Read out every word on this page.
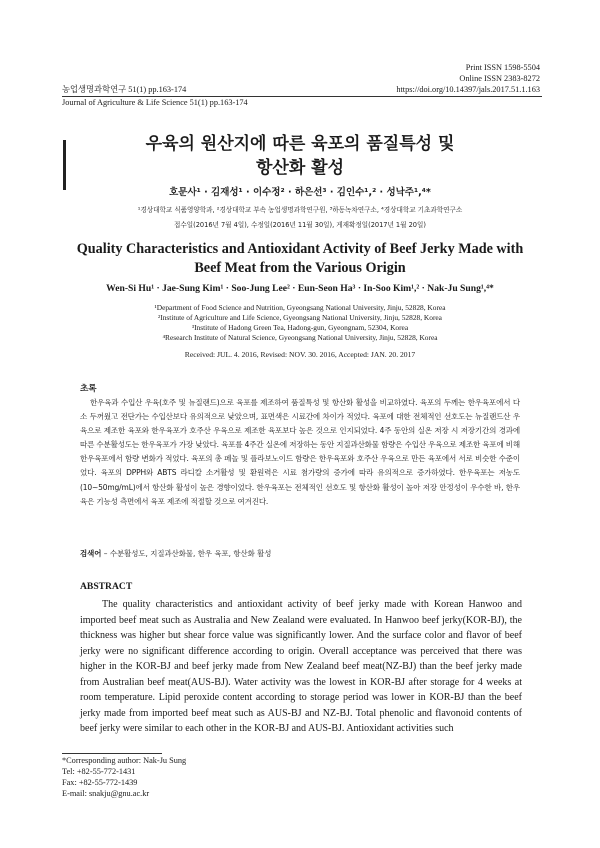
Print ISSN 1598-5504
Online ISSN 2383-8272
https://doi.org/10.14397/jals.2017.51.1.163
농업생명과학연구 51(1) pp.163-174
Journal of Agriculture & Life Science 51(1) pp.163-174
우육의 원산지에 따른 육포의 품질특성 및
항산화 활성
호문사¹ · 김재성¹ · 이수정² · 하은선³ · 김인수¹,² · 성낙주¹,⁴*
¹경상대학교 식품영양학과, ²경상대학교 부속 농업생명과학연구원, ³하동녹차연구소, ⁴경상대학교 기초과학연구소
접수일(2016년 7월 4일), 수정일(2016년 11월 30일), 게재확정일(2017년 1월 20일)
Quality Characteristics and Antioxidant Activity of Beef Jerky Made with
Beef Meat from the Various Origin
Wen-Si Hu¹ · Jae-Sung Kim¹ · Soo-Jung Lee² · Eun-Seon Ha³ · In-Soo Kim¹,² · Nak-Ju Sung¹,⁴*
¹Department of Food Science and Nutrition, Gyeongsang National University, Jinju, 52828, Korea
²Institute of Agriculture and Life Science, Gyeongsang National University, Jinju, 52828, Korea
³Institute of Hadong Green Tea, Hadong-gun, Gyeongnam, 52304, Korea
⁴Research Institute of Natural Science, Gyeongsang National University, Jinju, 52828, Korea
Received: JUL. 4. 2016, Revised: NOV. 30. 2016, Accepted: JAN. 20. 2017
초록
한우육과 수입산 우육(호주 및 뉴질랜드)으로 육포를 제조하여 품질특성 및 항산화 활성을 비교하였다. 육포의 두께는 한우육포에서 다소 두꺼웠고 전단가는 수입산보다 유의적으로 낮았으며, 표면색은 시료간에 차이가 적었다. 육포에 대한 전체적인 선호도는 뉴질랜드산 우육으로 제조한 육포와 한우육포가 호주산 우육으로 제조한 육포보다 높은 것으로 인지되었다. 4주 동안의 실온 저장 시 저장기간의 경과에 따른 수분활성도는 한우육포가 가장 낮았다. 육포를 4주간 실온에 저장하는 동안 지질과산화물 함량은 수입산 우육으로 제조한 육포에 비해 한우육포에서 함량 변화가 적었다. 육포의 총 페놀 및 플라보노이드 함량은 한우육포와 호주산 우육으로 만든 육포에서 서로 비슷한 수준이었다. 육포의 DPPH와 ABTS 라디칼 소거활성 및 환원력은 시료 첨가량의 증가에 따라 유의적으로 증가하였다. 한우육포는 저농도(10~50mg/mL)에서 항산화 활성이 높은 경향이었다. 한우육포는 전체적인 선호도 및 항산화 활성이 높아 저장 안정성이 우수한 바, 한우육은 기능성 측면에서 육포 제조에 적절할 것으로 여겨진다.
검색어 – 수분활성도, 지질과산화물, 한우 육포, 항산화 활성
ABSTRACT
The quality characteristics and antioxidant activity of beef jerky made with Korean Hanwoo and imported beef meat such as Australia and New Zealand were evaluated. In Hanwoo beef jerky(KOR-BJ), the thickness was higher but shear force value was significantly lower. And the surface color and flavor of beef jerky were no significant difference according to origin. Overall acceptance was perceived that there was higher in the KOR-BJ and beef jerky made from New Zealand beef meat(NZ-BJ) than the beef jerky made from Australian beef meat(AUS-BJ). Water activity was the lowest in KOR-BJ after storage for 4 weeks at room temperature. Lipid peroxide content according to storage period was lower in KOR-BJ than the beef jerky made from imported beef meat such as AUS-BJ and NZ-BJ. Total phenolic and flavonoid contents of beef jerky were similar to each other in the KOR-BJ and AUS-BJ. Antioxidant activities such
*Corresponding author: Nak-Ju Sung
Tel: +82-55-772-1431
Fax: +82-55-772-1439
E-mail: snakju@gnu.ac.kr
